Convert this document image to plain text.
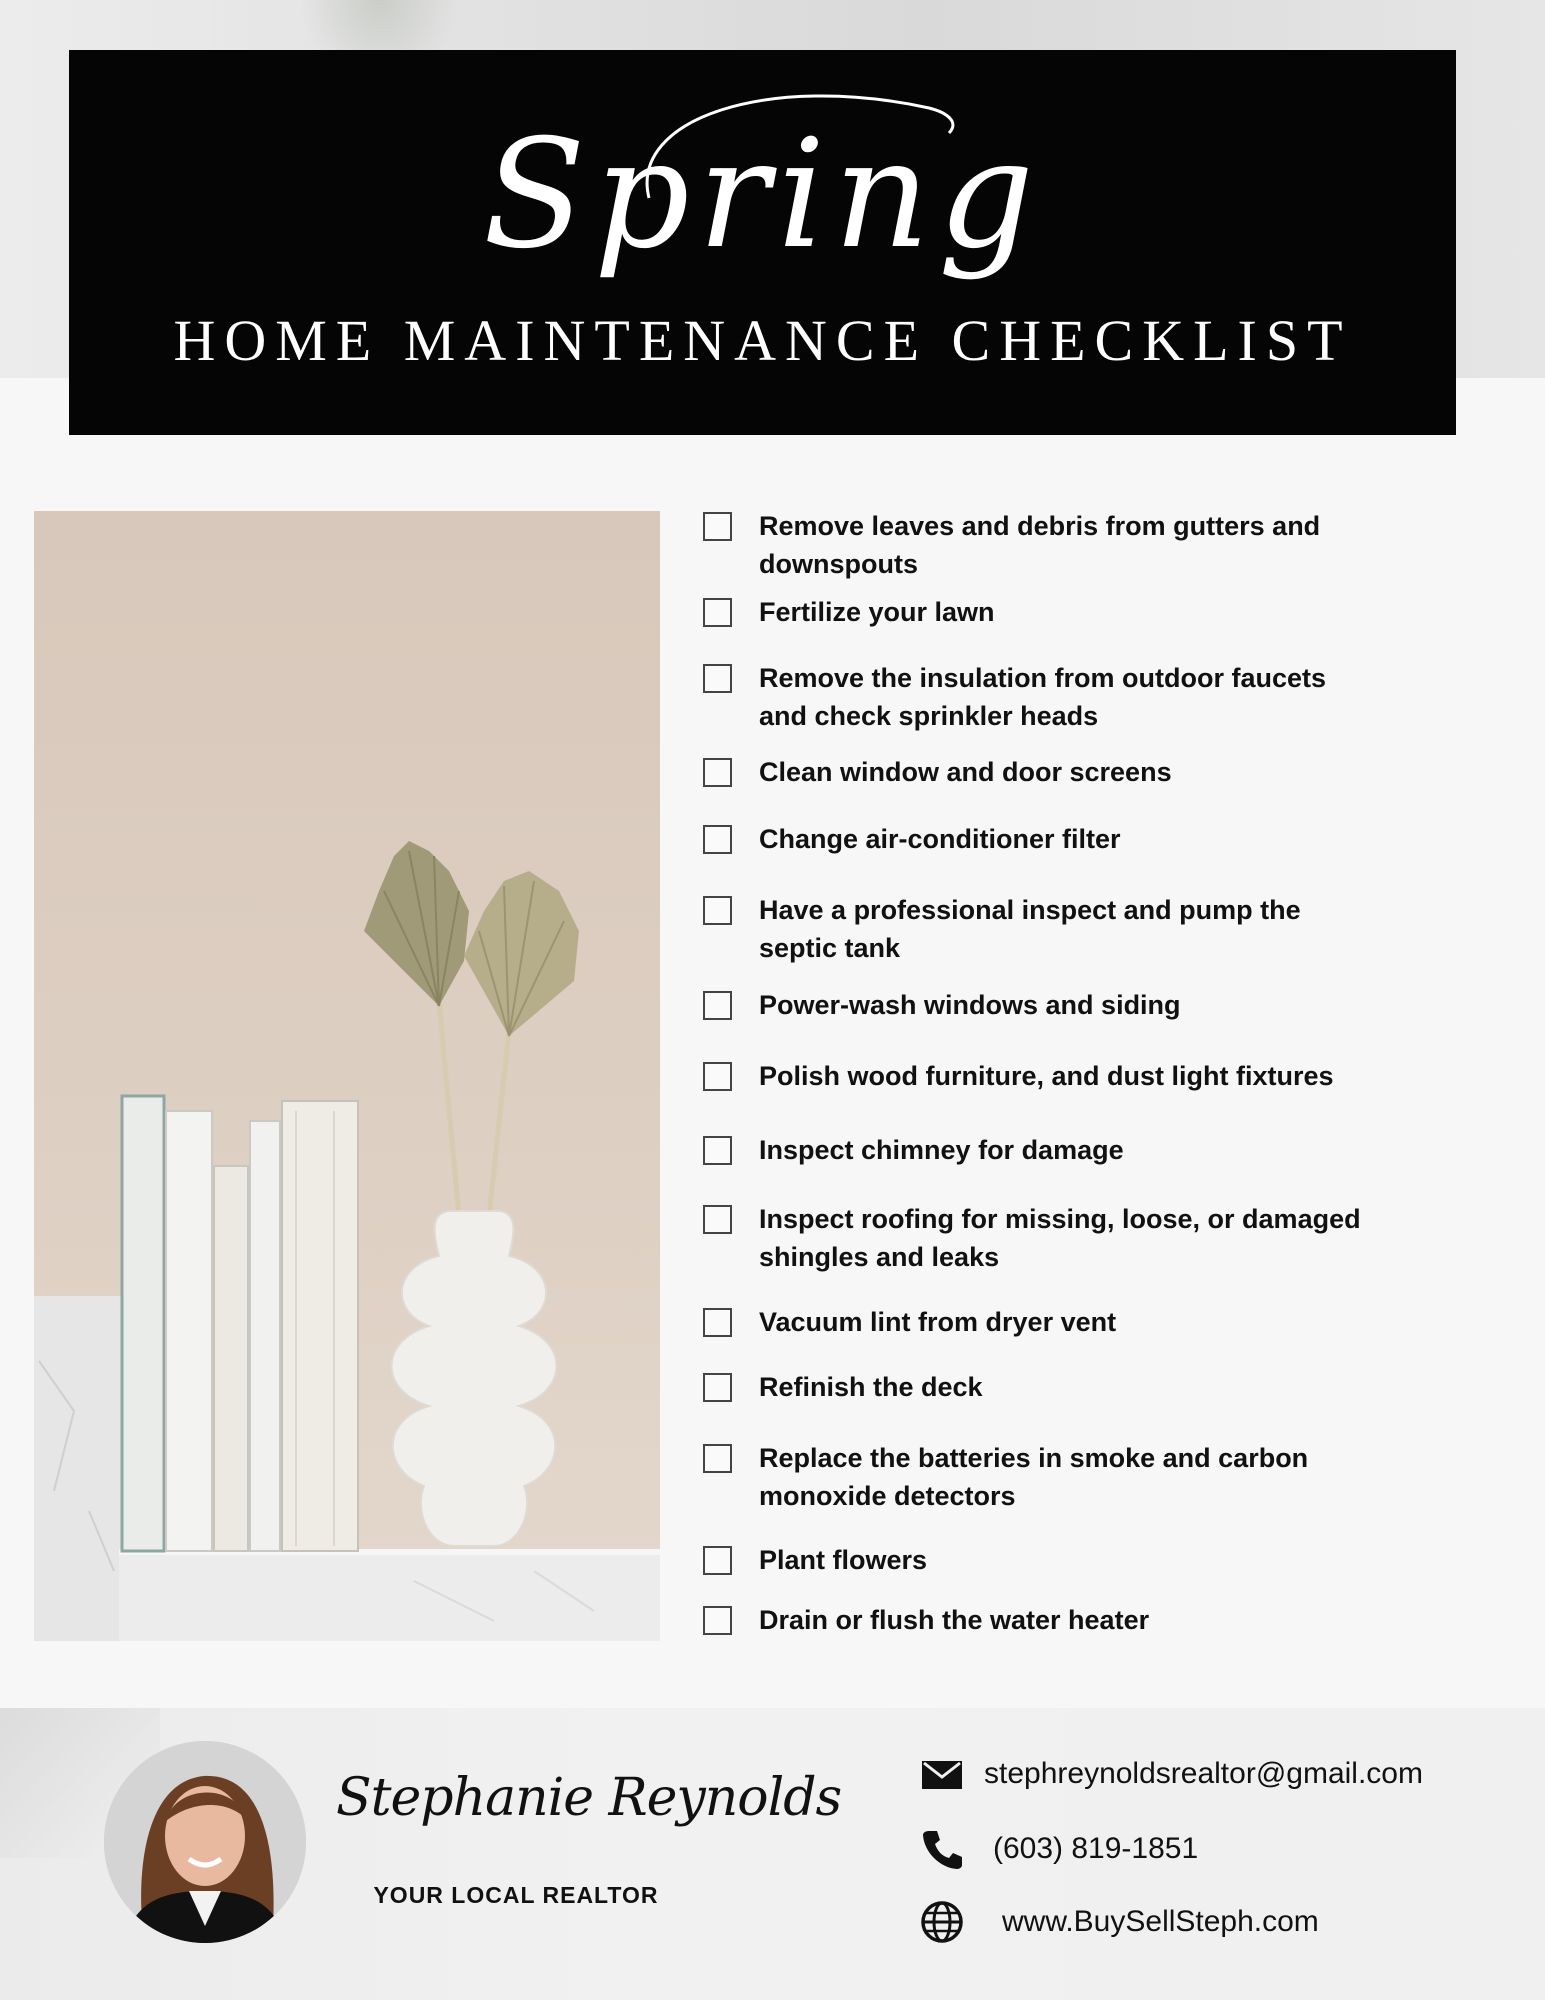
Spring
HOME MAINTENANCE CHECKLIST
Remove leaves and debris from gutters and
downspouts
Fertilize your lawn
Remove the insulation from outdoor faucets
and check sprinkler heads
Clean window and door screens
Change air-conditioner filter
Have a professional inspect and pump the
septic tank
Power-wash windows and siding
Polish wood furniture, and dust light fixtures
Inspect chimney for damage
Inspect roofing for missing, loose, or damaged
shingles and leaks
Vacuum lint from dryer vent
Refinish the deck
Replace the batteries in smoke and carbon
monoxide detectors
Plant flowers
Drain or flush the water heater
Stephanie Reynolds
YOUR LOCAL REALTOR
stephreynoldsrealtor@gmail.com
(603) 819-1851
www.BuySellSteph.com
